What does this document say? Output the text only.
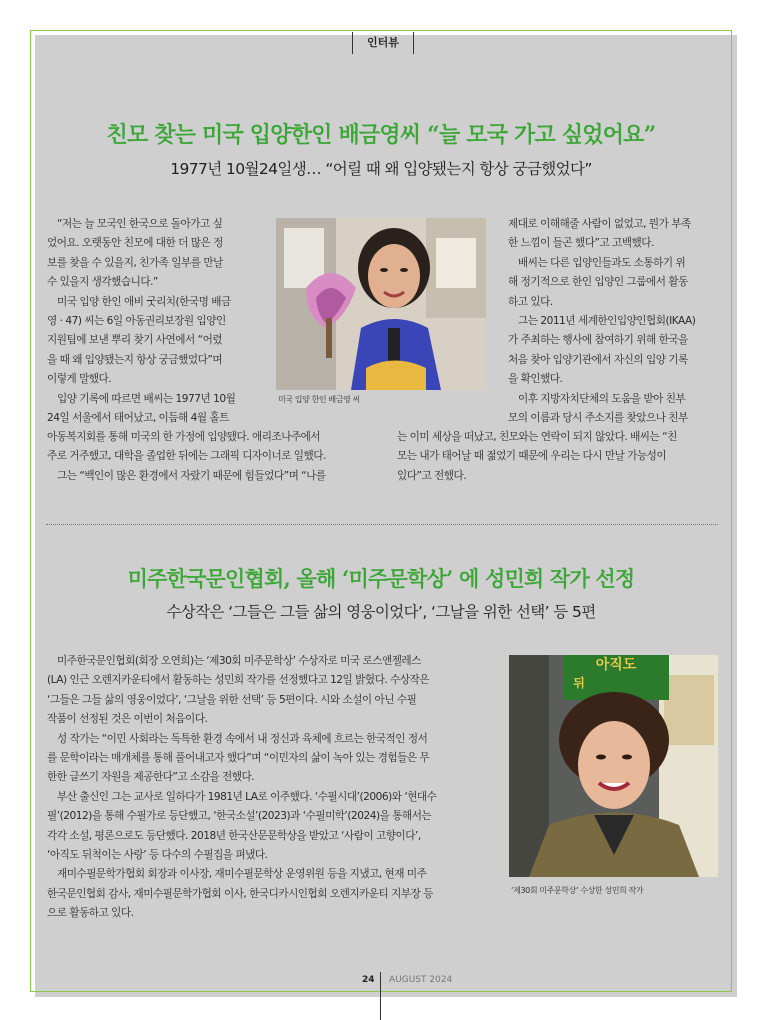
인터뷰
친모 찾는 미국 입양한인 배금영씨 “늘 모국 가고 싶었어요”
1977년 10월24일생… “어릴 때 왜 입양됐는지 항상 궁금했었다”
“저는 늘 모국인 한국으로 돌아가고 싶
었어요. 오랫동안 친모에 대한 더 많은 정
보를 찾을 수 있을지, 친가족 일부를 만날
수 있을지 생각했습니다.”
미국 입양 한인 애비 굿리치(한국명 배금
영 · 47) 씨는 6일 아동권리보장원 입양인
지원팀에 보낸 뿌리 찾기 사연에서 “어렸
을 때 왜 입양됐는지 항상 궁금했었다”며
이렇게 말했다.
입양 기록에 따르면 배씨는 1977년 10월
24일 서울에서 태어났고, 이듬해 4월 홀트
미국 입양 한인 배금영 씨
아동복지회를 통해 미국의 한 가정에 입양됐다. 애리조나주에서
주로 거주했고, 대학을 졸업한 뒤에는 그래픽 디자이너로 일했다.
그는 “백인이 많은 환경에서 자랐기 때문에 힘들었다”며 “나를
제대로 이해해줄 사람이 없었고, 뭔가 부족
한 느낌이 들곤 했다”고 고백했다.
배씨는 다른 입양인들과도 소통하기 위
해 정기적으로 한인 입양인 그룹에서 활동
하고 있다.
그는 2011년 세계한인입양인협회(IKAA)
가 주최하는 행사에 참여하기 위해 한국을
처음 찾아 입양기관에서 자신의 입양 기록
을 확인했다.
이후 지방자치단체의 도움을 받아 친부
모의 이름과 당시 주소지를 찾았으나 친부
는 이미 세상을 떠났고, 친모와는 연락이 되지 않았다. 배씨는 “친
모는 내가 태어날 때 젊었기 때문에 우리는 다시 만날 가능성이
있다”고 전했다.
미주한국문인협회, 올해 ‘미주문학상’ 에 성민희 작가 선정
수상작은 ‘그들은 그들 삶의 영웅이었다’, ‘그날을 위한 선택’ 등 5편
미주한국문인협회(회장 오연희)는 ‘제30회 미주문학상’ 수상자로 미국 로스앤젤레스
(LA) 인근 오렌지카운티에서 활동하는 성민희 작가를 선정했다고 12일 밝혔다. 수상작은
‘그들은 그들 삶의 영웅이었다’, ‘그날을 위한 선택’ 등 5편이다. 시와 소설이 아닌 수필
작품이 선정된 것은 이번이 처음이다.
성 작가는 “이민 사회라는 독특한 환경 속에서 내 정신과 육체에 흐르는 한국적인 정서
를 문학이라는 매개체를 통해 풀어내고자 했다”며 “이민자의 삶이 녹아 있는 경험들은 무
한한 글쓰기 자원을 제공한다”고 소감을 전했다.
부산 출신인 그는 교사로 일하다가 1981년 LA로 이주했다. ‘수필시대’(2006)와 ‘현대수
필’(2012)을 통해 수필가로 등단했고, ‘한국소설’(2023)과 ‘수필미학’(2024)을 통해서는
각각 소설, 평론으로도 등단했다. 2018년 한국산문문학상을 받았고 ‘사람이 고향이다’,
‘아직도 뒤척이는 사랑’ 등 다수의 수필집을 펴냈다.
재미수필문학가협회 회장과 이사장, 재미수필문학상 운영위원 등을 지냈고, 현재 미주
한국문인협회 감사, 재미수필문학가협회 이사, 한국디카시인협회 오렌지카운티 지부장 등
으로 활동하고 있다.
아직도
뒤
‘제30회 미주문학상’ 수상한 성민희 작가
24 AUGUST 2024
